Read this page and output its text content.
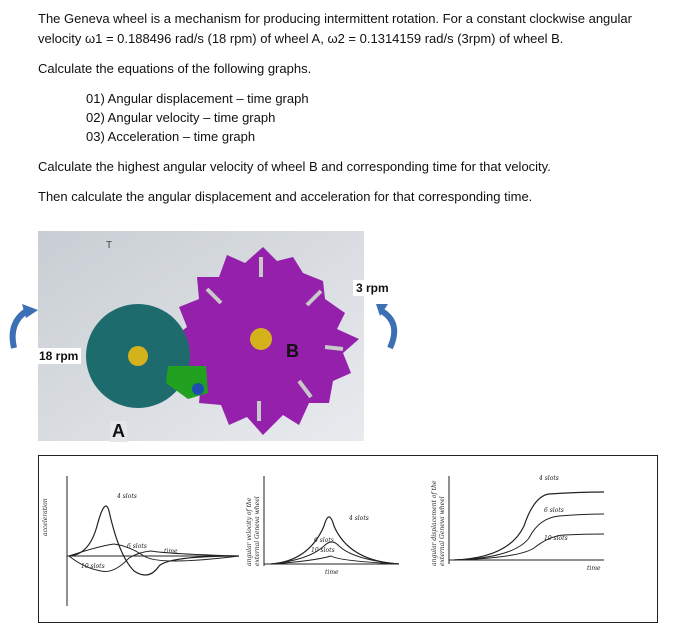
The Geneva wheel is a mechanism for producing intermittent rotation. For a constant clockwise angular
velocity ω1 = 0.188496 rad/s (18 rpm) of wheel A, ω2 = 0.1314159 rad/s (3rpm) of wheel B.
Calculate the equations of the following graphs.
01) Angular displacement – time graph
02) Angular velocity – time graph
03) Acceleration – time graph
Calculate the highest angular velocity of wheel B and corresponding time for that velocity.
Then calculate the angular displacement and acceleration for that corresponding time.
T
18 rpm
3 rpm
A
B
acceleration
4 slots
6 slots
10 slots
time	angular velocity of the external Geneva wheel	4 slots
6 slots
10 slots
time
angular displacement of the external Geneva wheel
4 slots
6 slots
10 slots
time
